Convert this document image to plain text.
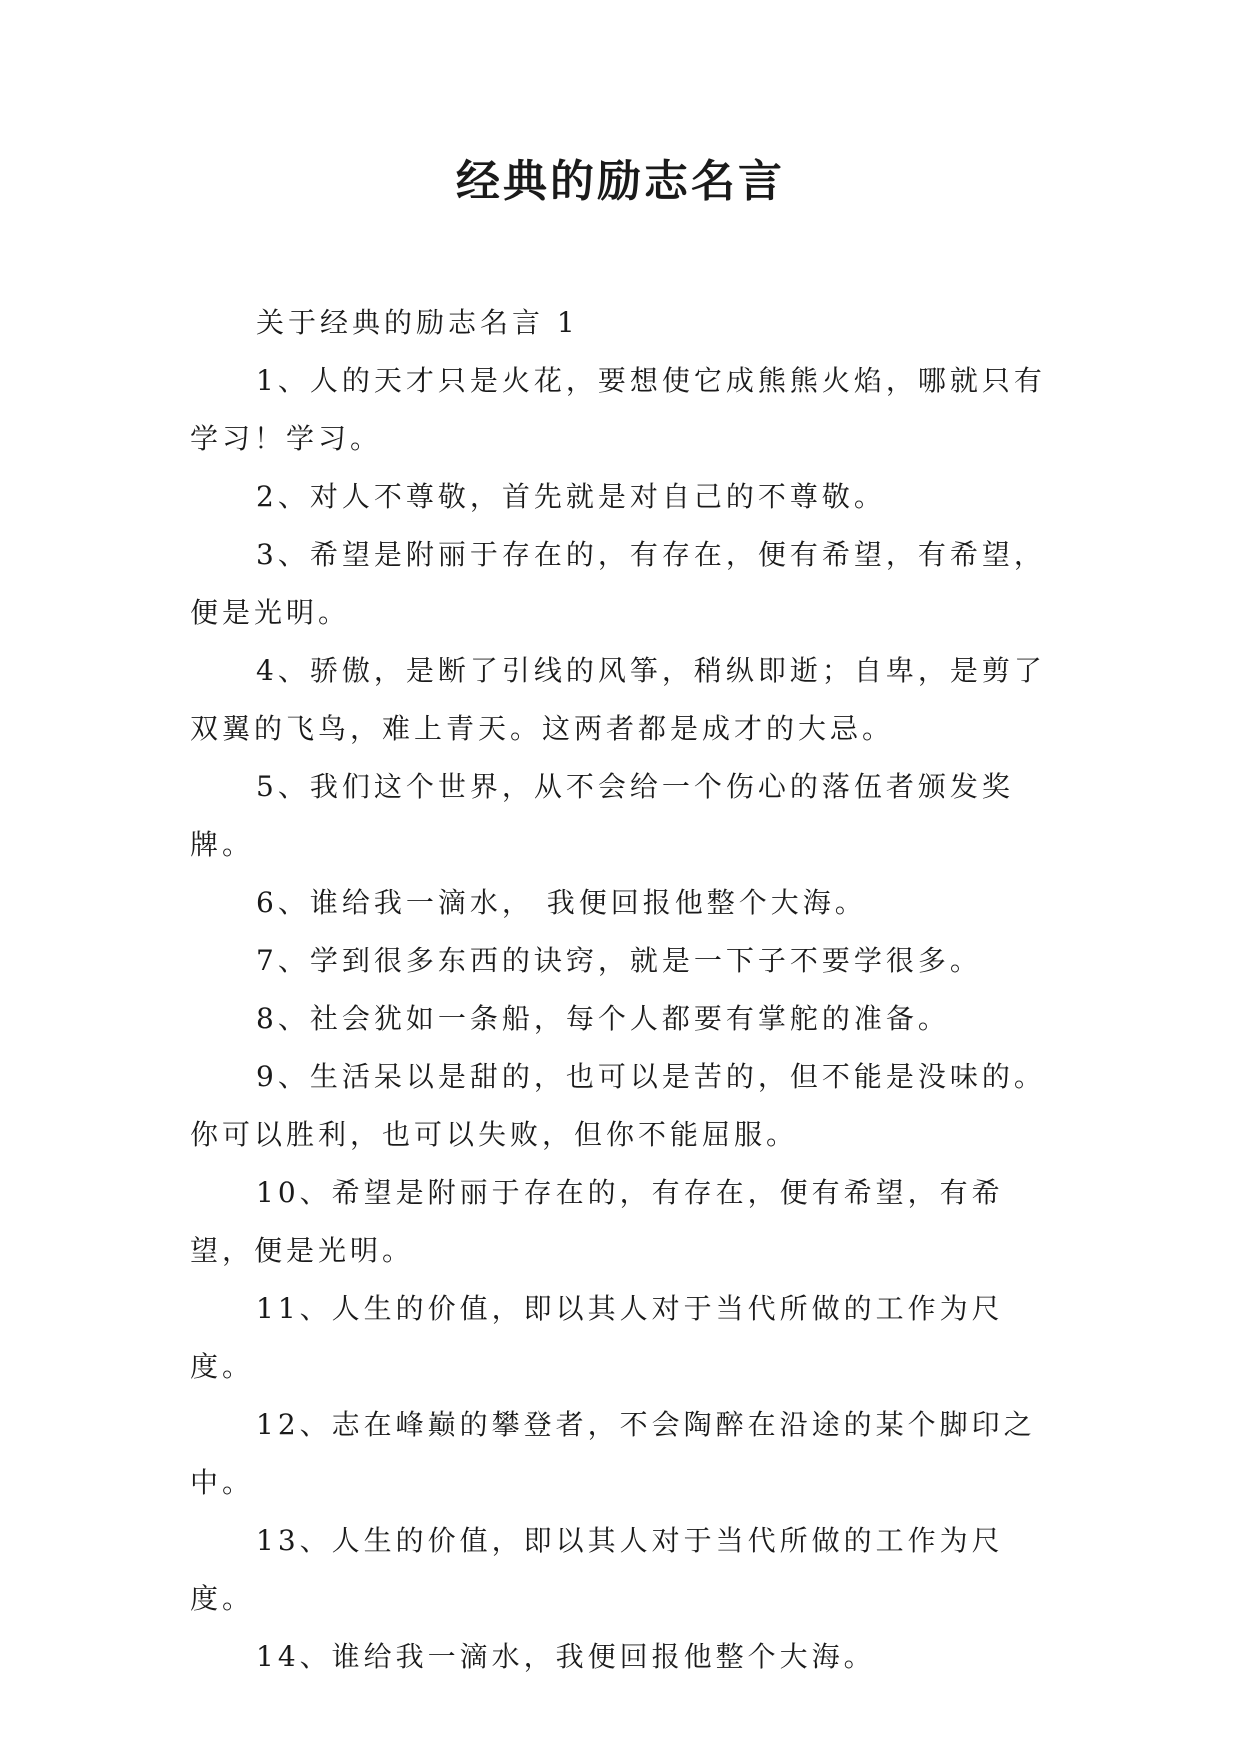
经典的励志名言

关于经典的励志名言 1

1、人的天才只是火花，要想使它成熊熊火焰，哪就只有学习！学习。

2、对人不尊敬，首先就是对自己的不尊敬。

3、希望是附丽于存在的，有存在，便有希望，有希望，便是光明。

4、骄傲，是断了引线的风筝，稍纵即逝；自卑，是剪了双翼的飞鸟，难上青天。这两者都是成才的大忌。

5、我们这个世界，从不会给一个伤心的落伍者颁发奖牌。

6、谁给我一滴水， 我便回报他整个大海。

7、学到很多东西的诀窍，就是一下子不要学很多。

8、社会犹如一条船，每个人都要有掌舵的准备。

9、生活呆以是甜的，也可以是苦的，但不能是没味的。你可以胜利，也可以失败，但你不能屈服。

10、希望是附丽于存在的，有存在，便有希望，有希望，便是光明。

11、人生的价值，即以其人对于当代所做的工作为尺度。

12、志在峰巅的攀登者，不会陶醉在沿途的某个脚印之中。

13、人生的价值，即以其人对于当代所做的工作为尺度。

14、谁给我一滴水，我便回报他整个大海。
